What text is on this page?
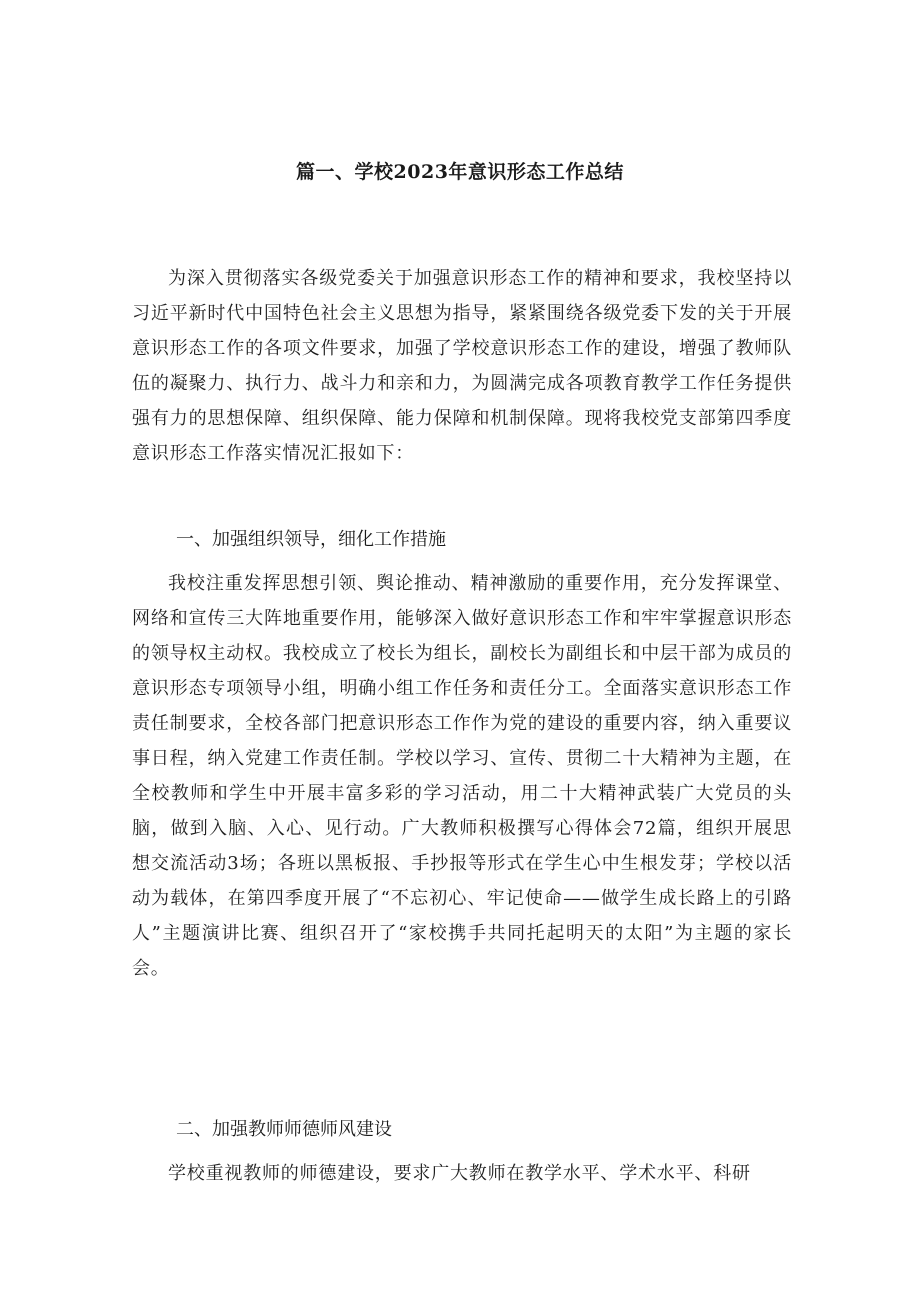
篇一、学校2023年意识形态工作总结

为深入贯彻落实各级党委关于加强意识形态工作的精神和要求，我校坚持以习近平新时代中国特色社会主义思想为指导，紧紧围绕各级党委下发的关于开展意识形态工作的各项文件要求，加强了学校意识形态工作的建设，增强了教师队伍的凝聚力、执行力、战斗力和亲和力，为圆满完成各项教育教学工作任务提供强有力的思想保障、组织保障、能力保障和机制保障。现将我校党支部第四季度意识形态工作落实情况汇报如下：

一、加强组织领导，细化工作措施

我校注重发挥思想引领、舆论推动、精神激励的重要作用，充分发挥课堂、网络和宣传三大阵地重要作用，能够深入做好意识形态工作和牢牢掌握意识形态的领导权主动权。我校成立了校长为组长，副校长为副组长和中层干部为成员的意识形态专项领导小组，明确小组工作任务和责任分工。全面落实意识形态工作责任制要求，全校各部门把意识形态工作作为党的建设的重要内容，纳入重要议事日程，纳入党建工作责任制。学校以学习、宣传、贯彻二十大精神为主题，在全校教师和学生中开展丰富多彩的学习活动，用二十大精神武装广大党员的头脑，做到入脑、入心、见行动。广大教师积极撰写心得体会72篇，组织开展思想交流活动3场；各班以黑板报、手抄报等形式在学生心中生根发芽；学校以活动为载体，在第四季度开展了“不忘初心、牢记使命——做学生成长路上的引路人”主题演讲比赛、组织召开了“家校携手共同托起明天的太阳”为主题的家长会。

二、加强教师师德师风建设

学校重视教师的师德建设，要求广大教师在教学水平、学术水平、科研
